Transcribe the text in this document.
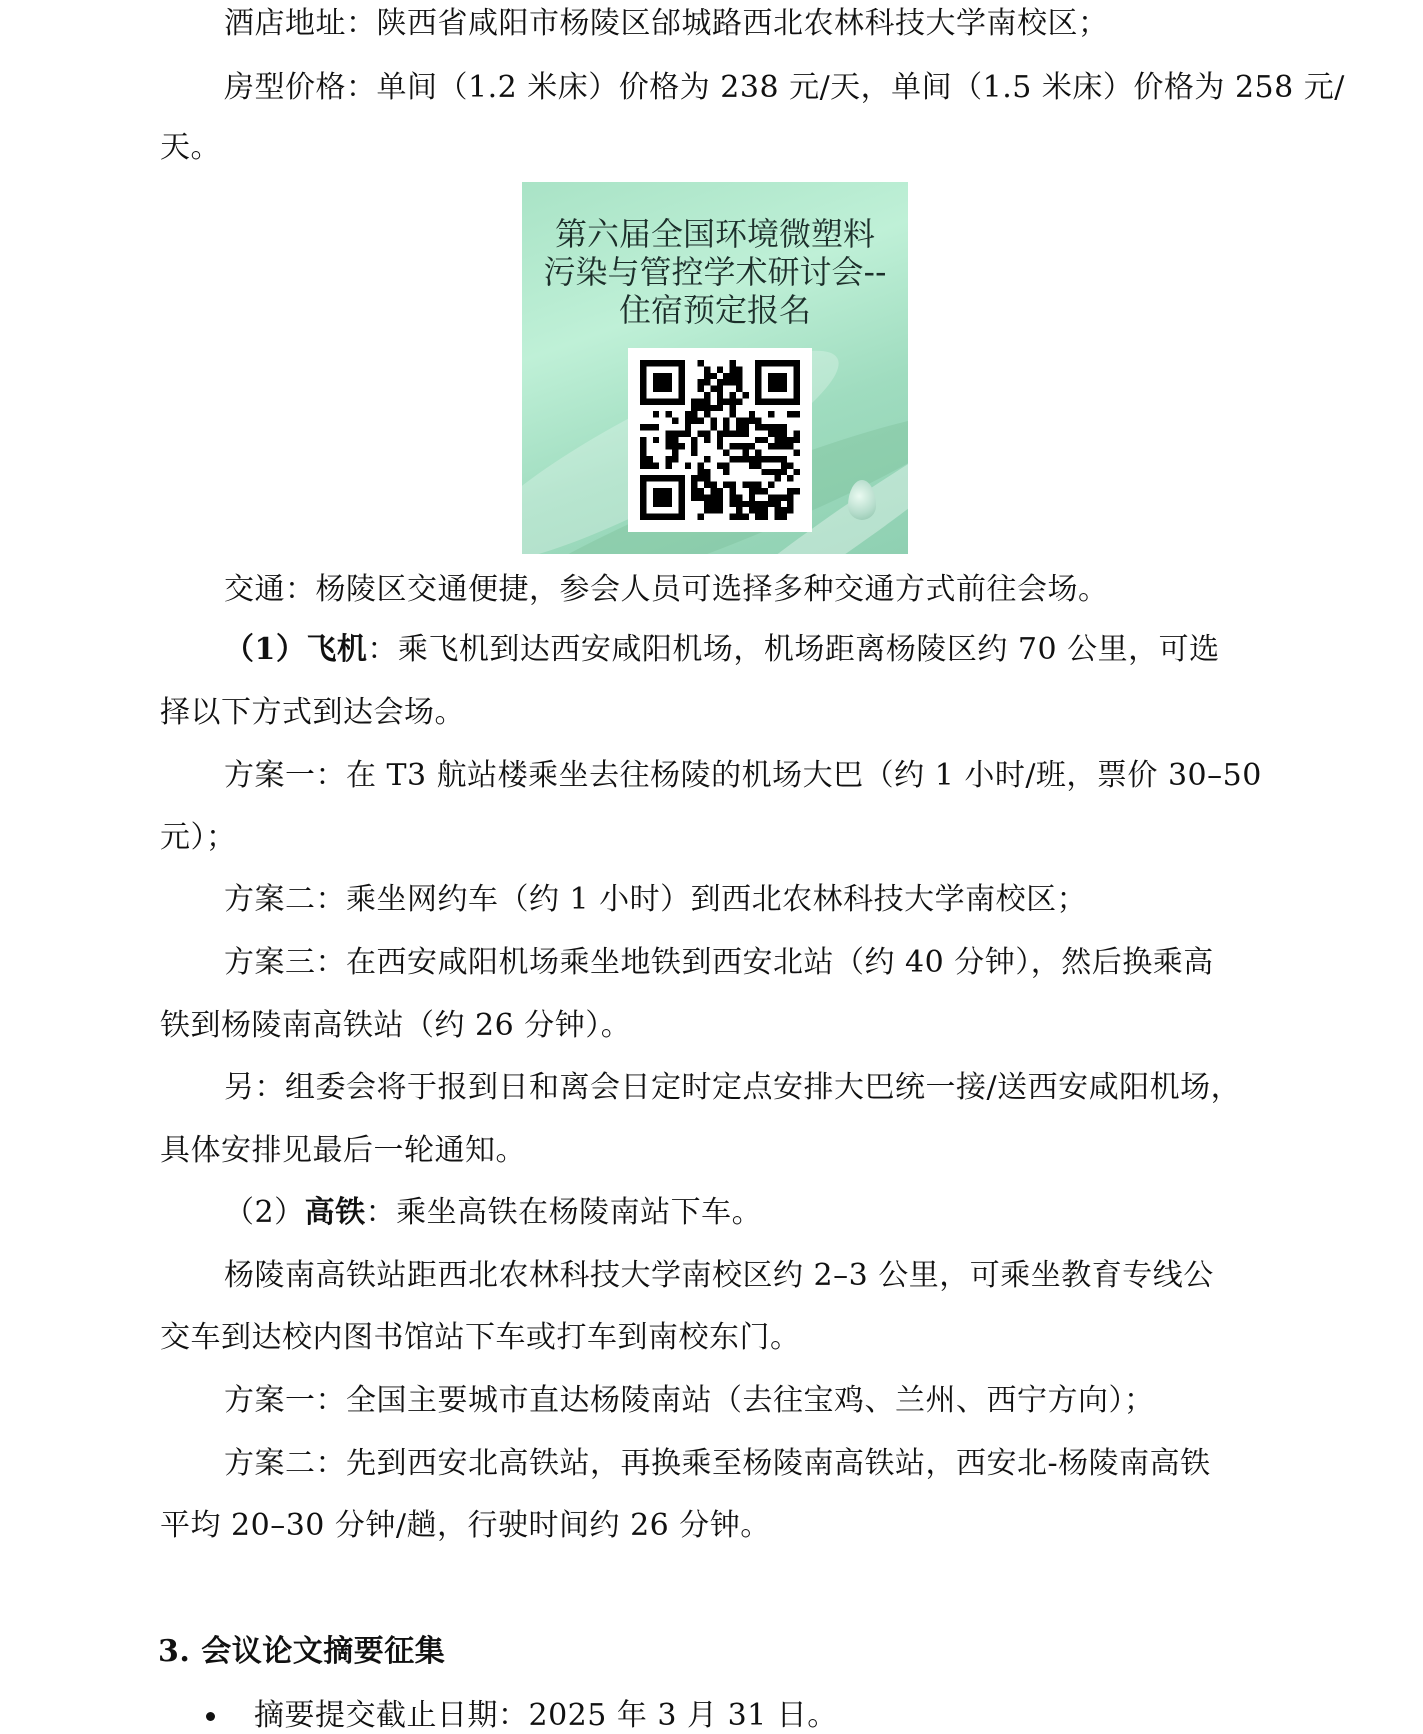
酒店地址：陕西省咸阳市杨陵区邰城路西北农林科技大学南校区；
房型价格：单间（1.2 米床）价格为 238 元/天，单间（1.5 米床）价格为 258 元/
天。
第六届全国环境微塑料
污染与管控学术研讨会--
住宿预定报名
交通：杨陵区交通便捷，参会人员可选择多种交通方式前往会场。
（1）飞机：乘飞机到达西安咸阳机场，机场距离杨陵区约 70 公里，可选
择以下方式到达会场。
方案一：在 T3 航站楼乘坐去往杨陵的机场大巴（约 1 小时/班，票价 30–50
元）；
方案二：乘坐网约车（约 1 小时）到西北农林科技大学南校区；
方案三：在西安咸阳机场乘坐地铁到西安北站（约 40 分钟），然后换乘高
铁到杨陵南高铁站（约 26 分钟）。
另：组委会将于报到日和离会日定时定点安排大巴统一接/送西安咸阳机场，
具体安排见最后一轮通知。
（2）高铁：乘坐高铁在杨陵南站下车。
杨陵南高铁站距西北农林科技大学南校区约 2–3 公里，可乘坐教育专线公
交车到达校内图书馆站下车或打车到南校东门。
方案一：全国主要城市直达杨陵南站（去往宝鸡、兰州、西宁方向）；
方案二：先到西安北高铁站，再换乘至杨陵南高铁站，西安北-杨陵南高铁
平均 20–30 分钟/趟，行驶时间约 26 分钟。
3. 会议论文摘要征集
摘要提交截止日期：2025 年 3 月 31 日。
